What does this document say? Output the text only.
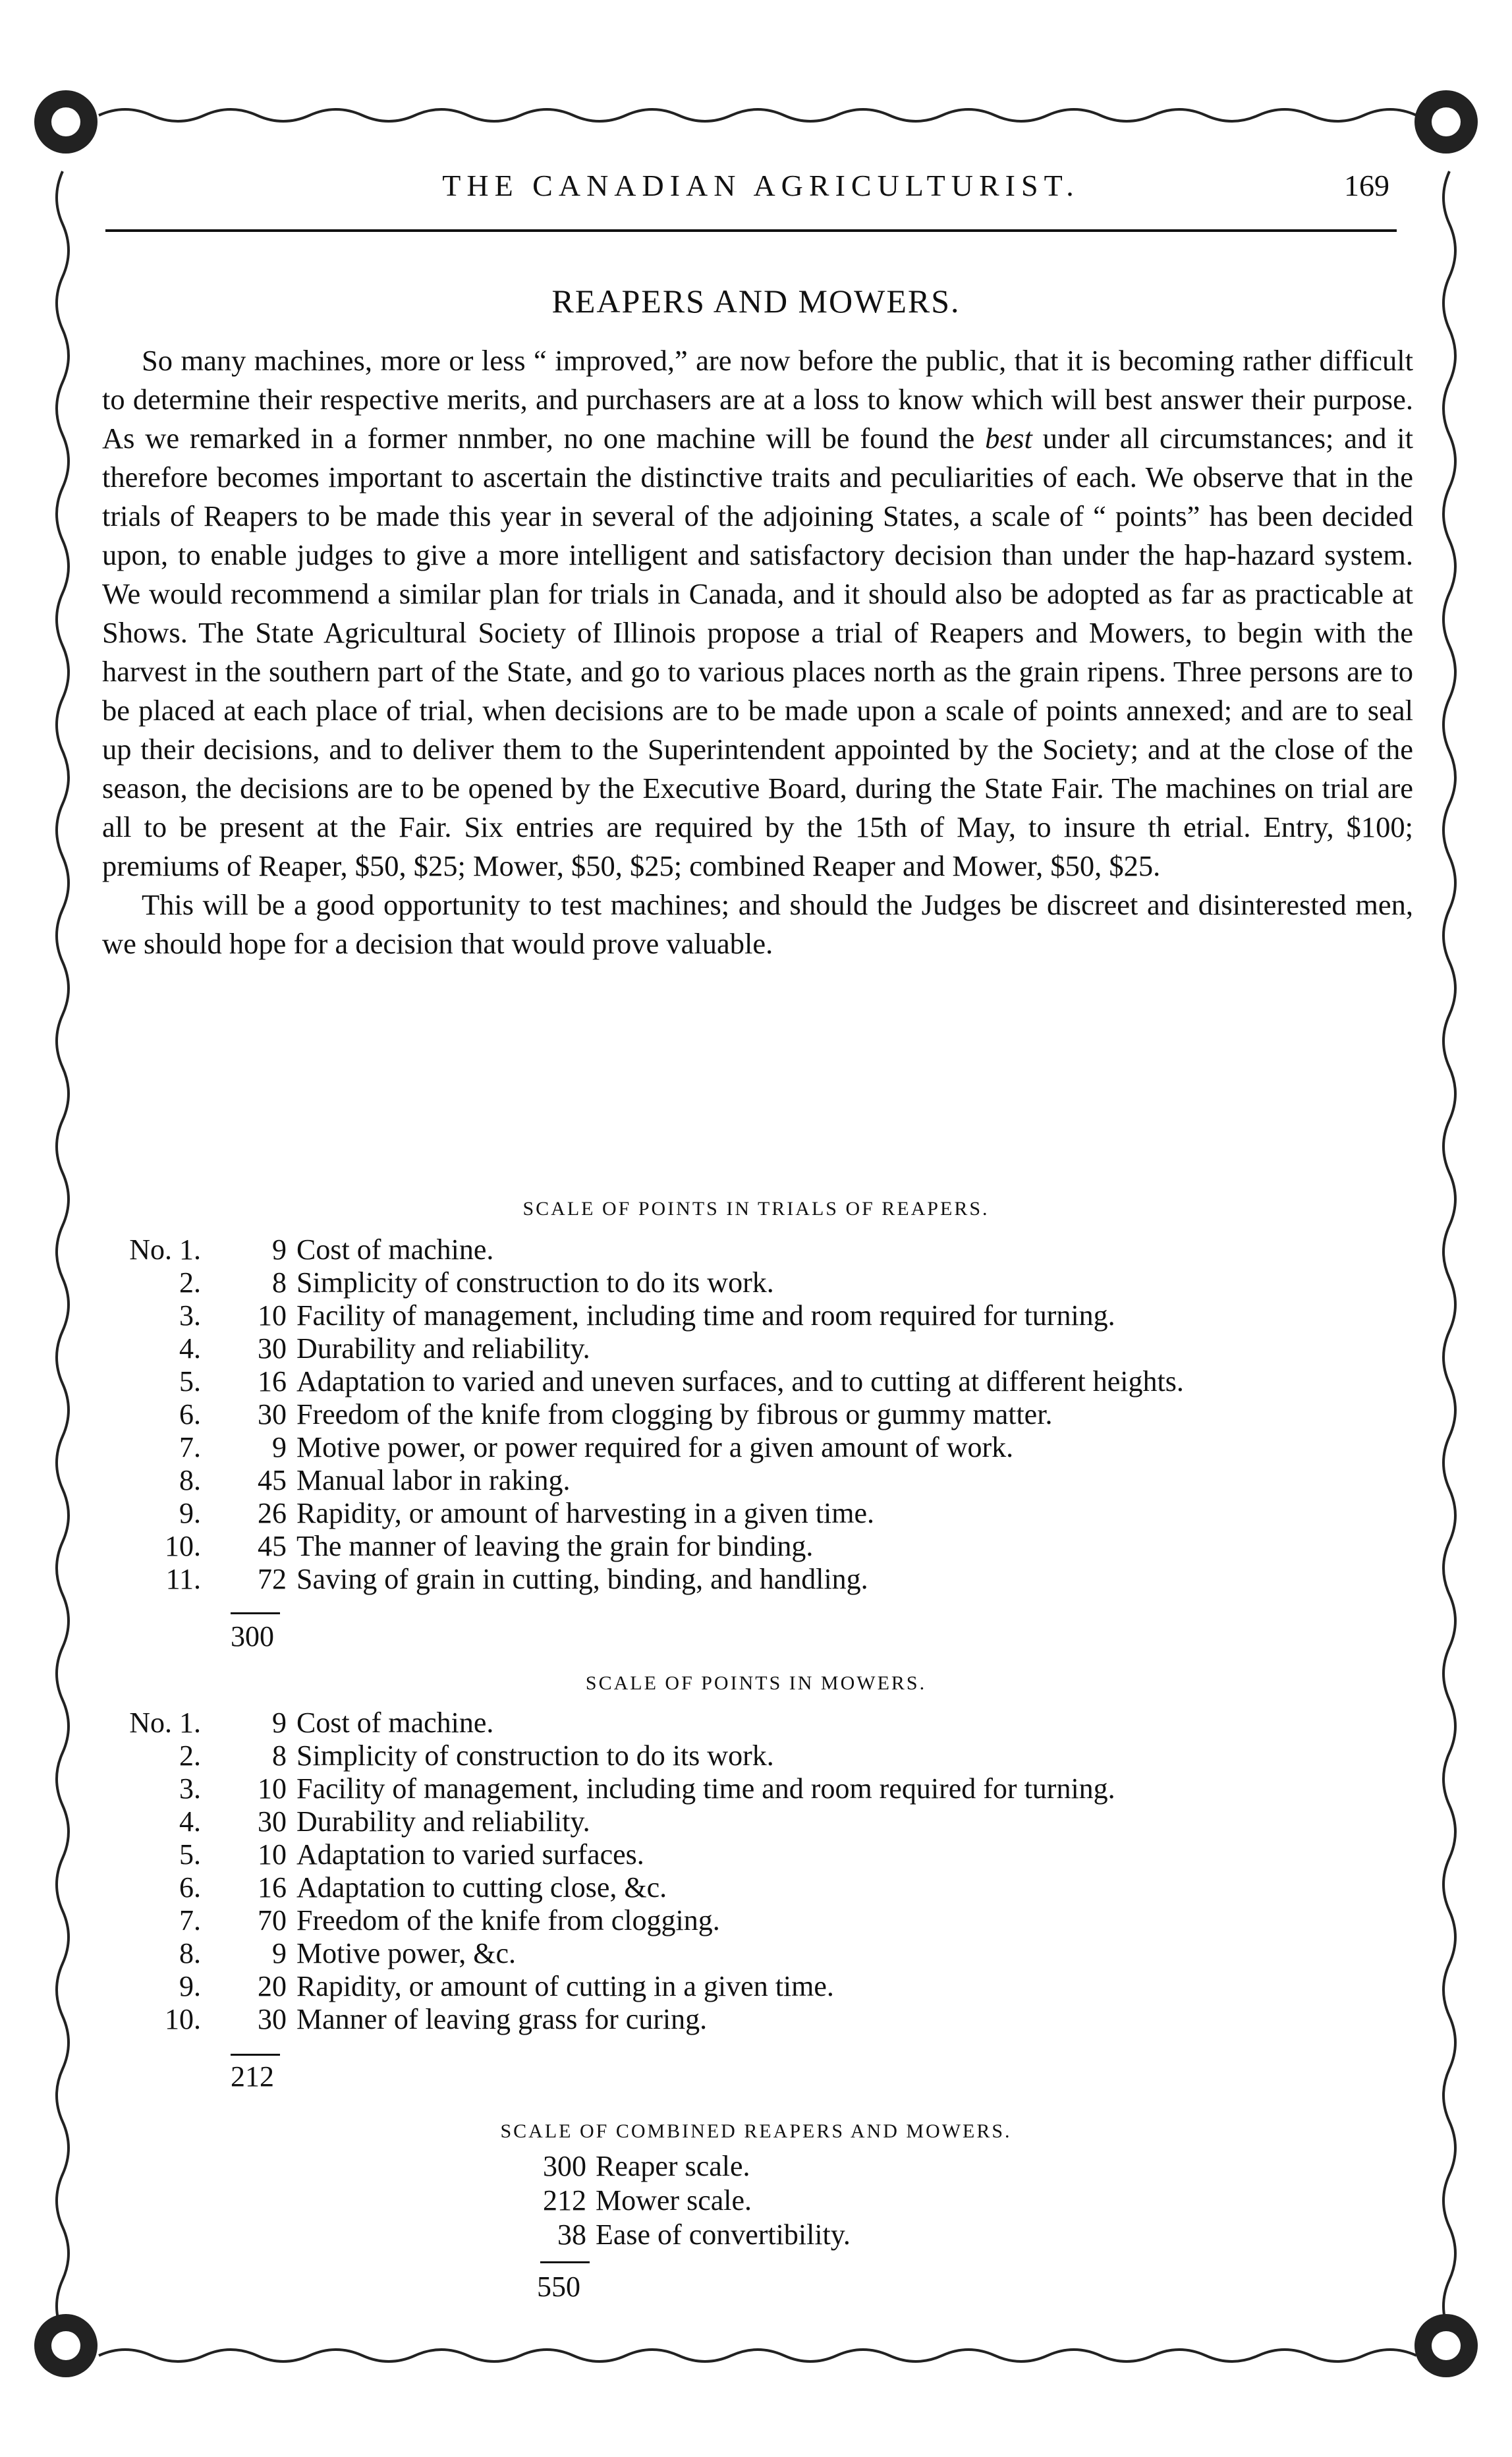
THE CANADIAN AGRICULTURIST.	169
REAPERS AND MOWERS.

So many machines, more or less “ improved,” are now before the public, that it is becoming rather difficult to determine their respective merits, and purchasers are at a loss to know which will best answer their purpose. As we remarked in a former nnmber, no one machine will be found the best under all circumstances; and it therefore becomes important to ascertain the distinctive traits and peculiarities of each. We observe that in the trials of Reapers to be made this year in several of the adjoining States, a scale of “ points” has been decided upon, to enable judges to give a more intelligent and satisfactory decision than under the hap-hazard system. We would recommend a similar plan for trials in Canada, and it should also be adopted as far as practicable at Shows. The State Agricultural Society of Illinois propose a trial of Reapers and Mowers, to begin with the harvest in the southern part of the State, and go to various places north as the grain ripens. Three persons are to be placed at each place of trial, when decisions are to be made upon a scale of points annexed; and are to seal up their decisions, and to deliver them to the Superintendent appointed by the Society; and at the close of the season, the decisions are to be opened by the Executive Board, during the State Fair. The machines on trial are all to be present at the Fair. Six entries are required by the 15th of May, to insure th etrial. Entry, $100; premiums of Reaper, $50, $25; Mower, $50, $25; combined Reaper and Mower, $50, $25.

This will be a good opportunity to test machines; and should the Judges be discreet and disinterested men, we should hope for a decision that would prove valuable.

SCALE OF POINTS IN TRIALS OF REAPERS.
No. 1.	9 Cost of machine.
2.	8 Simplicity of construction to do its work.
3.	10 Facility of management, including time and room required for turning.
4.	30 Durability and reliability.
5.	16 Adaptation to varied and uneven surfaces, and to cutting at different heights.
6.	30 Freedom of the knife from clogging by fibrous or gummy matter.
7.	9 Motive power, or power required for a given amount of work.
8.	45 Manual labor in raking.
9.	26 Rapidity, or amount of harvesting in a given time.
10.	45 The manner of leaving the grain for binding.
11.	72 Saving of grain in cutting, binding, and handling.
300
SCALE OF POINTS IN MOWERS.
No. 1.	9 Cost of machine.
2.	8 Simplicity of construction to do its work.
3.	10 Facility of management, including time and room required for turning.
4.	30 Durability and reliability.
5.	10 Adaptation to varied surfaces.
6.	16 Adaptation to cutting close, &c.
7.	70 Freedom of the knife from clogging.
8.	9 Motive power, &c.
9.	20 Rapidity, or amount of cutting in a given time.
10.	30 Manner of leaving grass for curing.
212
SCALE OF COMBINED REAPERS AND MOWERS.
300 Reaper scale.
212 Mower scale.
38 Ease of convertibility.
550
